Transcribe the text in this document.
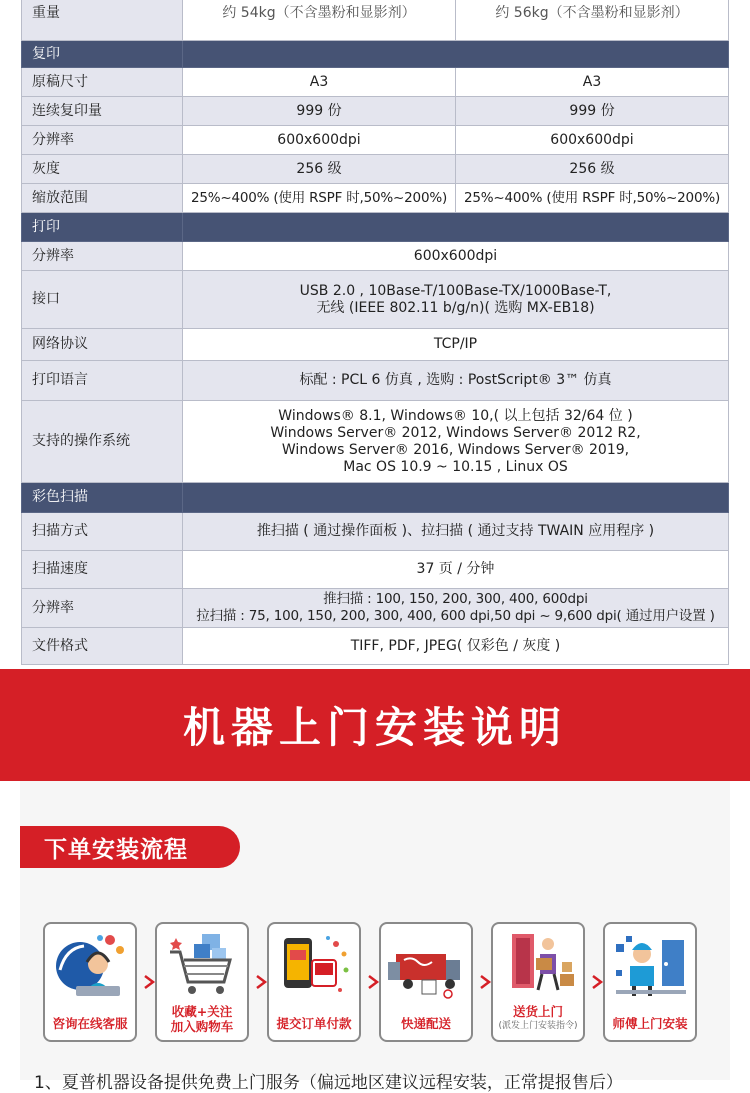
重量	约 54kg（不含墨粉和显影剂）	约 56kg（不含墨粉和显影剂）
复印		
原稿尺寸	A3	A3
连续复印量	999 份	999 份
分辨率	600x600dpi	600x600dpi
灰度	256 级	256 级
缩放范围	25%~400% (使用 RSPF 时,50%~200%)	25%~400% (使用 RSPF 时,50%~200%)
打印		
分辨率	600x600dpi	
接口	USB 2.0 , 10Base-T/100Base-TX/1000Base-T,
无线 (IEEE 802.11 b/g/n)( 选购 MX-EB18)	

网络协议	TCP/IP	
打印语言	标配 : PCL 6 仿真 , 选购 : PostScript® 3™ 仿真	
支持的操作系统	Windows® 8.1, Windows® 10,( 以上包括 32/64 位 )
Windows Server® 2012, Windows Server® 2012 R2,
Windows Server® 2016, Windows Server® 2019,
Mac OS 10.9 ~ 10.15 , Linux OS	

彩色扫描		
扫描方式	推扫描 ( 通过操作面板 )、拉扫描 ( 通过支持 TWAIN 应用程序 )	
扫描速度	37 页 / 分钟	
分辨率	推扫描 : 100, 150, 200, 300, 400, 600dpi
拉扫描 : 75, 100, 150, 200, 300, 400, 600 dpi,50 dpi ~ 9,600 dpi( 通过用户设置 )	

文件格式	TIFF, PDF, JPEG( 仅彩色 / 灰度 )	
机器上门安装说明
下单安装流程
咨询在线客服
收藏+关注
加入购物车	提交订单付款	快递配送
送货上门
(派发上门安装指令)	师傅上门安装
1、夏普机器设备提供免费上门服务（偏远地区建议远程安装，正常提报售后）
